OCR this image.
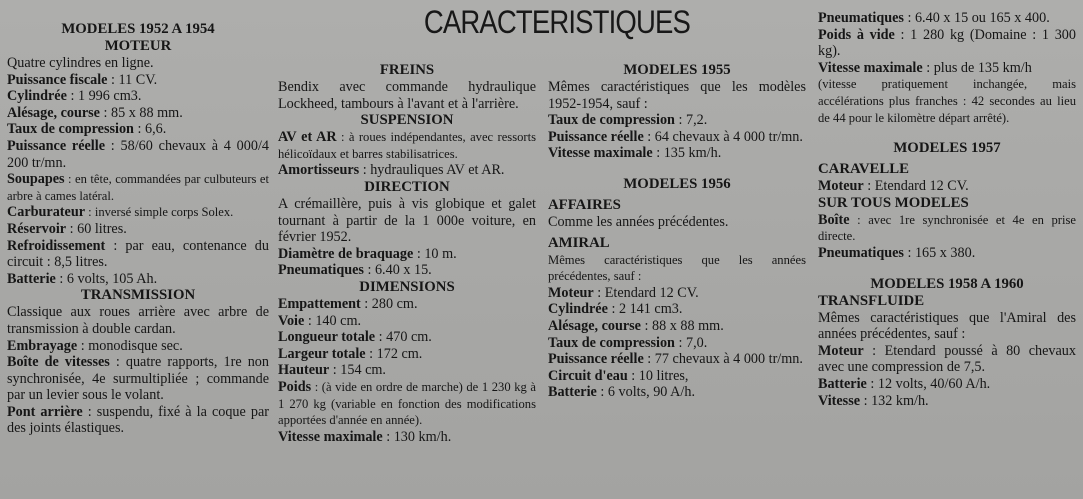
CARACTERISTIQUES

MODELES 1952 A 1954

MOTEUR

Quatre cylindres en ligne.

Puissance fiscale : 11 CV.

Cylindrée : 1 996 cm3.

Alésage, course : 85 x 88 mm.

Taux de compression : 6,6.

Puissance réelle : 58/60 chevaux à 4 000/4 200 tr/mn.

Soupapes : en tête, commandées par culbuteurs et arbre à cames latéral.

Carburateur : inversé simple corps Solex.

Réservoir : 60 litres.

Refroidissement : par eau, contenance du circuit : 8,5 litres.

Batterie : 6 volts, 105 Ah.

TRANSMISSION

Classique aux roues arrière avec arbre de transmission à double cardan.

Embrayage : monodisque sec.

Boîte de vitesses : quatre rapports, 1re non synchronisée, 4e surmultipliée ; commande par un levier sous le volant.

Pont arrière : suspendu, fixé à la coque par des joints élastiques.

FREINS

Bendix avec commande hydraulique Lockheed, tambours à l'avant et à l'arrière.

SUSPENSION

AV et AR : à roues indépendantes, avec ressorts hélicoïdaux et barres stabilisatrices.

Amortisseurs : hydrauliques AV et AR.

DIRECTION

A crémaillère, puis à vis globique et galet tournant à partir de la 1 000e voiture, en février 1952.

Diamètre de braquage : 10 m.

Pneumatiques : 6.40 x 15.

DIMENSIONS

Empattement : 280 cm.

Voie : 140 cm.

Longueur totale : 470 cm.

Largeur totale : 172 cm.

Hauteur : 154 cm.

Poids : (à vide en ordre de marche) de 1 230 kg à 1 270 kg (variable en fonction des modifications apportées d'année en année).

Vitesse maximale : 130 km/h.

MODELES 1955

Mêmes caractéristiques que les modèles 1952-1954, sauf :

Taux de compression : 7,2.

Puissance réelle : 64 chevaux à 4 000 tr/mn.

Vitesse maximale : 135 km/h.

MODELES 1956

AFFAIRES

Comme les années précédentes.

AMIRAL

Mêmes caractéristiques que les années précédentes, sauf :

Moteur : Etendard 12 CV.

Cylindrée : 2 141 cm3.

Alésage, course : 88 x 88 mm.

Taux de compression : 7,0.

Puissance réelle : 77 chevaux à 4 000 tr/mn.

Circuit d'eau : 10 litres,

Batterie : 6 volts, 90 A/h.

Pneumatiques : 6.40 x 15 ou 165 x 400.

Poids à vide : 1 280 kg (Domaine : 1 300 kg).

Vitesse maximale : plus de 135 km/h

(vitesse pratiquement inchangée, mais accélérations plus franches : 42 secondes au lieu de 44 pour le kilomètre départ arrêté).

MODELES 1957

CARAVELLE

Moteur : Etendard 12 CV.

SUR TOUS MODELES

Boîte : avec 1re synchronisée et 4e en prise directe.

Pneumatiques : 165 x 380.

MODELES 1958 A 1960

TRANSFLUIDE

Mêmes caractéristiques que l'Amiral des années précédentes, sauf :

Moteur : Etendard poussé à 80 chevaux avec une compression de 7,5.

Batterie : 12 volts, 40/60 A/h.

Vitesse : 132 km/h.
